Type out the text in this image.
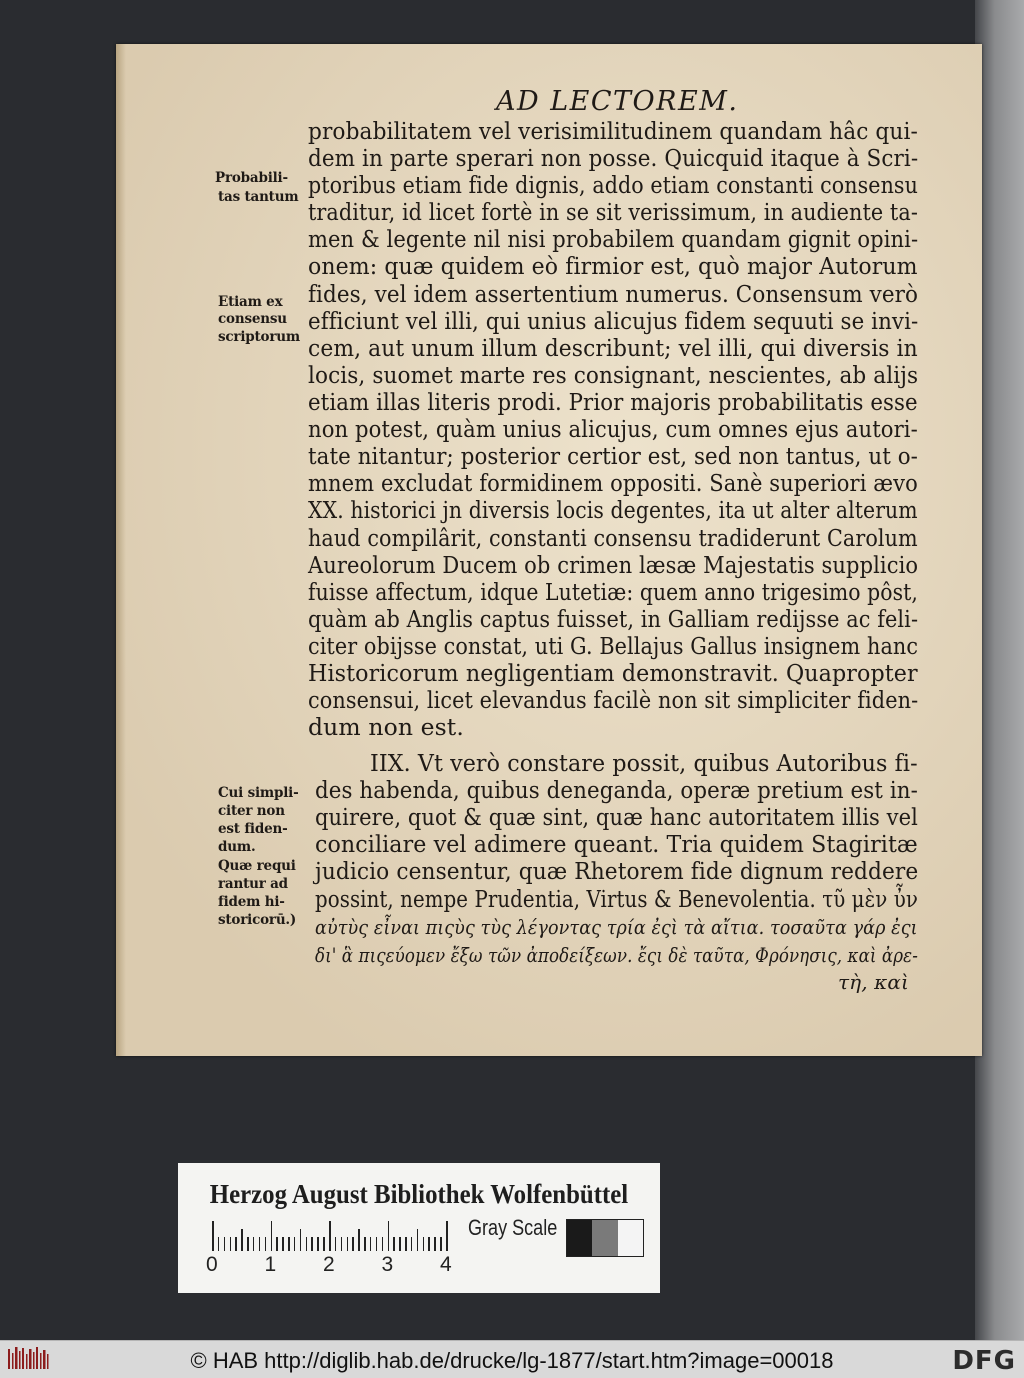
AD LECTOREM.
probabilitatem vel verisimilitudinem quandam hâc qui-
dem in parte sperari non posse. Quicquid itaque à Scri-
ptoribus etiam fide dignis, addo etiam constanti consensu
traditur, id licet fortè in se sit verissimum, in audiente ta-
men & legente nil nisi probabilem quandam gignit opini-
onem: quæ quidem eò firmior est, quò major Autorum
fides, vel idem assertentium numerus. Consensum verò
efficiunt vel illi, qui unius alicujus fidem sequuti se invi-
cem, aut unum illum describunt; vel illi, qui diversis in
locis, suomet marte res consignant, nescientes, ab alijs
etiam illas literis prodi. Prior majoris probabilitatis esse
non potest, quàm unius alicujus, cum omnes ejus autori-
tate nitantur; posterior certior est, sed non tantus, ut o-
mnem excludat formidinem oppositi. Sanè superiori ævo
XX. historici jn diversis locis degentes, ita ut alter alterum
haud compilârit, constanti consensu tradiderunt Carolum
Aureolorum Ducem ob crimen læsæ Majestatis supplicio
fuisse affectum, idque Lutetiæ: quem anno trigesimo pôst,
quàm ab Anglis captus fuisset, in Galliam redijsse ac feli-
citer obijsse constat, uti G. Bellajus Gallus insignem hanc
Historicorum negligentiam demonstravit. Quapropter
consensui, licet elevandus facilè non sit simpliciter fiden-
dum non est.
IIX. Vt verò constare possit, quibus Autoribus fi-
des habenda, quibus deneganda, operæ pretium est in-
quirere, quot & quæ sint, quæ hanc autoritatem illis vel
conciliare vel adimere queant. Tria quidem Stagiritæ
judicio censentur, quæ Rhetorem fide dignum reddere
possint, nempe Prudentia, Virtus & Benevolentia. τῦ μὲν ὖν
αὐτὺς εἶναι πιςὺς τὺς λέγοντας τρία ἐςὶ τὰ αἴτια. τοσαῦτα γάρ ἐςι
δι' ἃ πιςεύομεν ἔξω τῶν ἀποδείξεων. ἔςι δὲ ταῦτα, Φρόνησις, καὶ ἀρε-
τὴ, καὶ
Probabili-
tas tantum
Etiam ex
consensu
scriptorum
Cui simpli-
citer non
est fiden-
dum.
Quæ requi
rantur ad
fidem hi-
storicorū.)
Herzog August Bibliothek Wolfenbüttel
Gray Scale
0 1 2 3 4
© HAB http://diglib.hab.de/drucke/lg-1877/start.htm?image=00018	DFG
